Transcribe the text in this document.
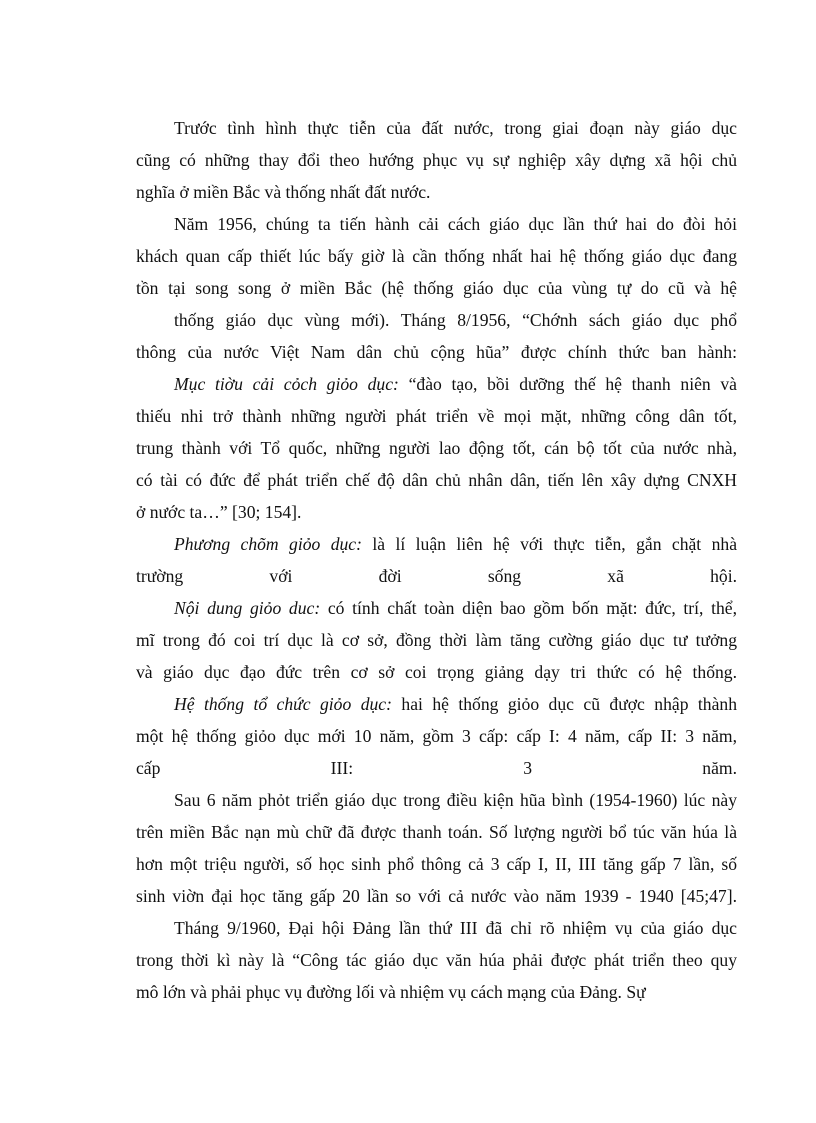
Trước tình hình thực tiễn của đất nước, trong giai đoạn này giáo dục
cũng có những thay đổi theo hướng phục vụ sự nghiệp xây dựng xã hội chủ
nghĩa ở miền Bắc và thống nhất đất nước.
Năm 1956, chúng ta tiến hành cải cách giáo dục lần thứ hai do đòi hỏi
khách quan cấp thiết lúc bấy giờ là cần thống nhất hai hệ thống giáo dục đang
tồn tại song song ở miền Bắc (hệ thống giáo dục của vùng tự do cũ và hệ
thống giáo dục vùng mới). Tháng 8/1956, “Chớnh sách giáo dục phổ
thông của nước Việt Nam dân chủ cộng hũa” được chính thức ban hành:
Mục tiờu cải cỏch giỏo dục: “đào tạo, bồi dưỡng thế hệ thanh niên và
thiếu nhi trở thành những người phát triển về mọi mặt, những công dân tốt,
trung thành với Tổ quốc, những người lao động tốt, cán bộ tốt của nước nhà,
có tài có đức để phát triển chế độ dân chủ nhân dân, tiến lên xây dựng CNXH
ở nước ta…” [30; 154].
Phương chõm giỏo dục: là lí luận liên hệ với thực tiễn, gắn chặt nhà
trường với đời sống xã hội.
Nội dung giỏo duc: có tính chất toàn diện bao gồm bốn mặt: đức, trí, thể,
mĩ trong đó coi trí dục là cơ sở, đồng thời làm tăng cường giáo dục tư tưởng
và giáo dục đạo đức trên cơ sở coi trọng giảng dạy tri thức có hệ thống.
Hệ thống tổ chức giỏo dục: hai hệ thống giỏo dục cũ được nhập thành
một hệ thống giỏo dục mới 10 năm, gồm 3 cấp: cấp I: 4 năm, cấp II: 3 năm,
cấp III: 3 năm.
Sau 6 năm phỏt triển giáo dục trong điều kiện hũa bình (1954-1960) lúc này
trên miền Bắc nạn mù chữ đã được thanh toán. Số lượng người bổ túc văn húa là
hơn một triệu người, số học sinh phổ thông cả 3 cấp I, II, III tăng gấp 7 lần, số
sinh viờn đại học tăng gấp 20 lần so với cả nước vào năm 1939 - 1940 [45;47].
Tháng 9/1960, Đại hội Đảng lần thứ III đã chỉ rõ nhiệm vụ của giáo dục
trong thời kì này là “Công tác giáo dục văn húa phải được phát triển theo quy
mô lớn và phải phục vụ đường lối và nhiệm vụ cách mạng của Đảng. Sự
